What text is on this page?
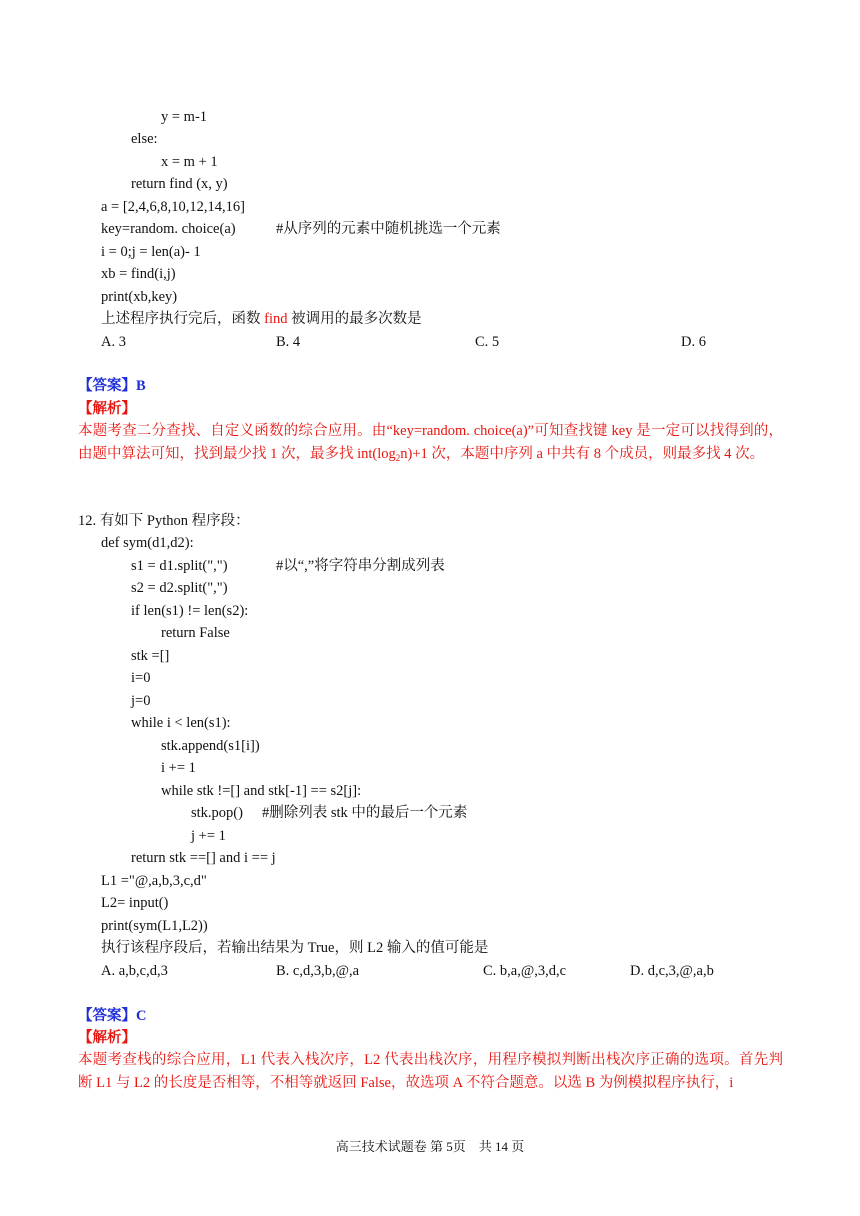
y = m-1
else:
x = m + 1
return find (x, y)
a = [2,4,6,8,10,12,14,16]
key=random. choice(a)	#从序列的元素中随机挑选一个元素
i = 0;j = len(a)- 1
xb = find(i,j)
print(xb,key)
上述程序执行完后，函数 find 被调用的最多次数是
A. 3	B. 4	C. 5	D. 6
【答案】B
【解析】
本题考查二分查找、自定义函数的综合应用。由“key=random. choice(a)”可知查找键 key 是一定可以找得到的，由题中算法可知，找到最少找 1 次，最多找 $int(\log_2n)+1$ 次，本题中序列 a 中共有 8 个成员，则最多找 4 次。
12. 有如下 Python 程序段：
def sym(d1,d2):
s1 = d1.split(",")	#以“,”将字符串分割成列表
s2 = d2.split(",")
if len(s1) != len(s2):
return False
stk =[]
i=0
j=0
while i < len(s1):
stk.append(s1[i])
i += 1
while stk !=[] and stk[-1] == s2[j]:
stk.pop() #删除列表 stk 中的最后一个元素
j += 1
return stk ==[] and i == j
L1 ="@,a,b,3,c,d"
L2= input()
print(sym(L1,L2))
执行该程序段后，若输出结果为 True，则 L2 输入的值可能是
A. a,b,c,d,3	B. c,d,3,b,@,a	C. b,a,@,3,d,c	D. d,c,3,@,a,b
【答案】C
【解析】
本题考查栈的综合应用，L1 代表入栈次序，L2 代表出栈次序，用程序模拟判断出栈次序正确的选项。首先判断 L1 与 L2 的长度是否相等，不相等就返回 False，故选项 A 不符合题意。以选 B 为例模拟程序执行，i
高三技术试题卷 第 5页　共 14 页
